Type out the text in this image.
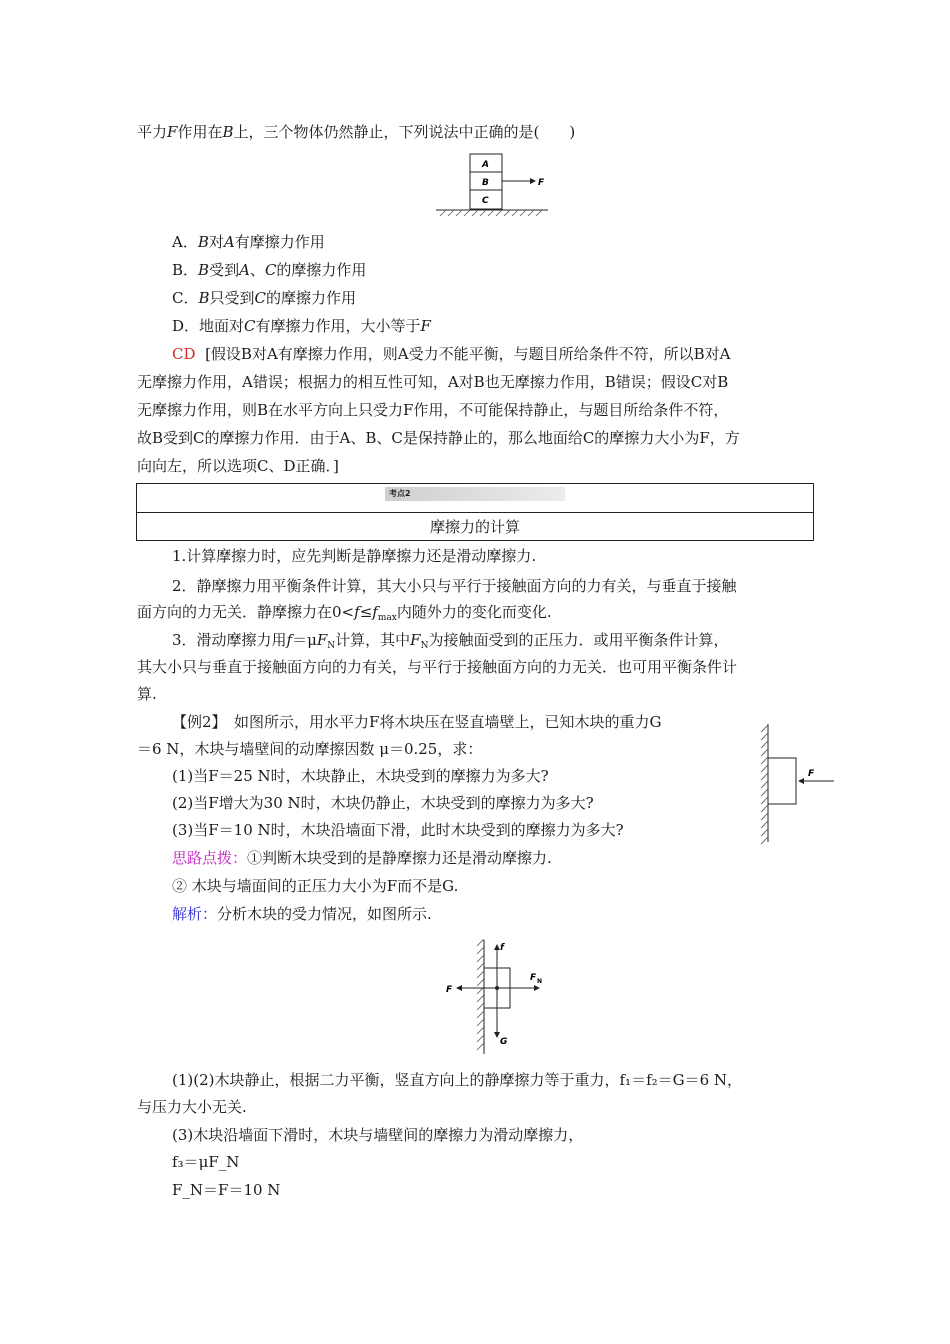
平力F作用在B上，三个物体仍然静止，下列说法中正确的是(　　)
A
B
C
F
A．B对A有摩擦力作用
B．B受到A、C的摩擦力作用
C．B只受到C的摩擦力作用
D．地面对C有摩擦力作用，大小等于F
CD [假设B对A有摩擦力作用，则A受力不能平衡，与题目所给条件不符，所以B对A
无摩擦力作用，A错误；根据力的相互性可知，A对B也无摩擦力作用，B错误；假设C对B
无摩擦力作用，则B在水平方向上只受力F作用，不可能保持静止，与题目所给条件不符，
故B受到C的摩擦力作用．由于A、B、C是保持静止的，那么地面给C的摩擦力大小为F，方
向向左，所以选项C、D正确．]
考点2
摩擦力的计算
1.计算摩擦力时，应先判断是静摩擦力还是滑动摩擦力.
2．静摩擦力用平衡条件计算，其大小只与平行于接触面方向的力有关，与垂直于接触
面方向的力无关．静摩擦力在$0<f\le f_{max}$内随外力的变化而变化.
3．滑动摩擦力用$f=\mu F_N$计算，其中$F_N$为接触面受到的正压力．或用平衡条件计算，
其大小只与垂直于接触面方向的力有关，与平行于接触面方向的力无关．也可用平衡条件计
算.
【例2】　如图所示，用水平力F将木块压在竖直墙壁上，已知木块的重力G
＝6 N，木块与墙壁间的动摩擦因数 μ＝0.25，求：
(1)当F＝25 N时，木块静止，木块受到的摩擦力为多大?
(2)当F增大为30 N时，木块仍静止，木块受到的摩擦力为多大?
(3)当F＝10 N时，木块沿墙面下滑，此时木块受到的摩擦力为多大?
思路点拨：①判断木块受到的是静摩擦力还是滑动摩擦力.
② 木块与墙面间的正压力大小为F而不是G.
解析：分析木块的受力情况，如图所示.
F
f
G
F N
F
(1)(2)木块静止，根据二力平衡，竖直方向上的静摩擦力等于重力，f₁＝f₂＝G＝6 N，
与压力大小无关.
(3)木块沿墙面下滑时，木块与墙壁间的摩擦力为滑动摩擦力，
f₃＝μF_N
F_N＝F＝10 N
